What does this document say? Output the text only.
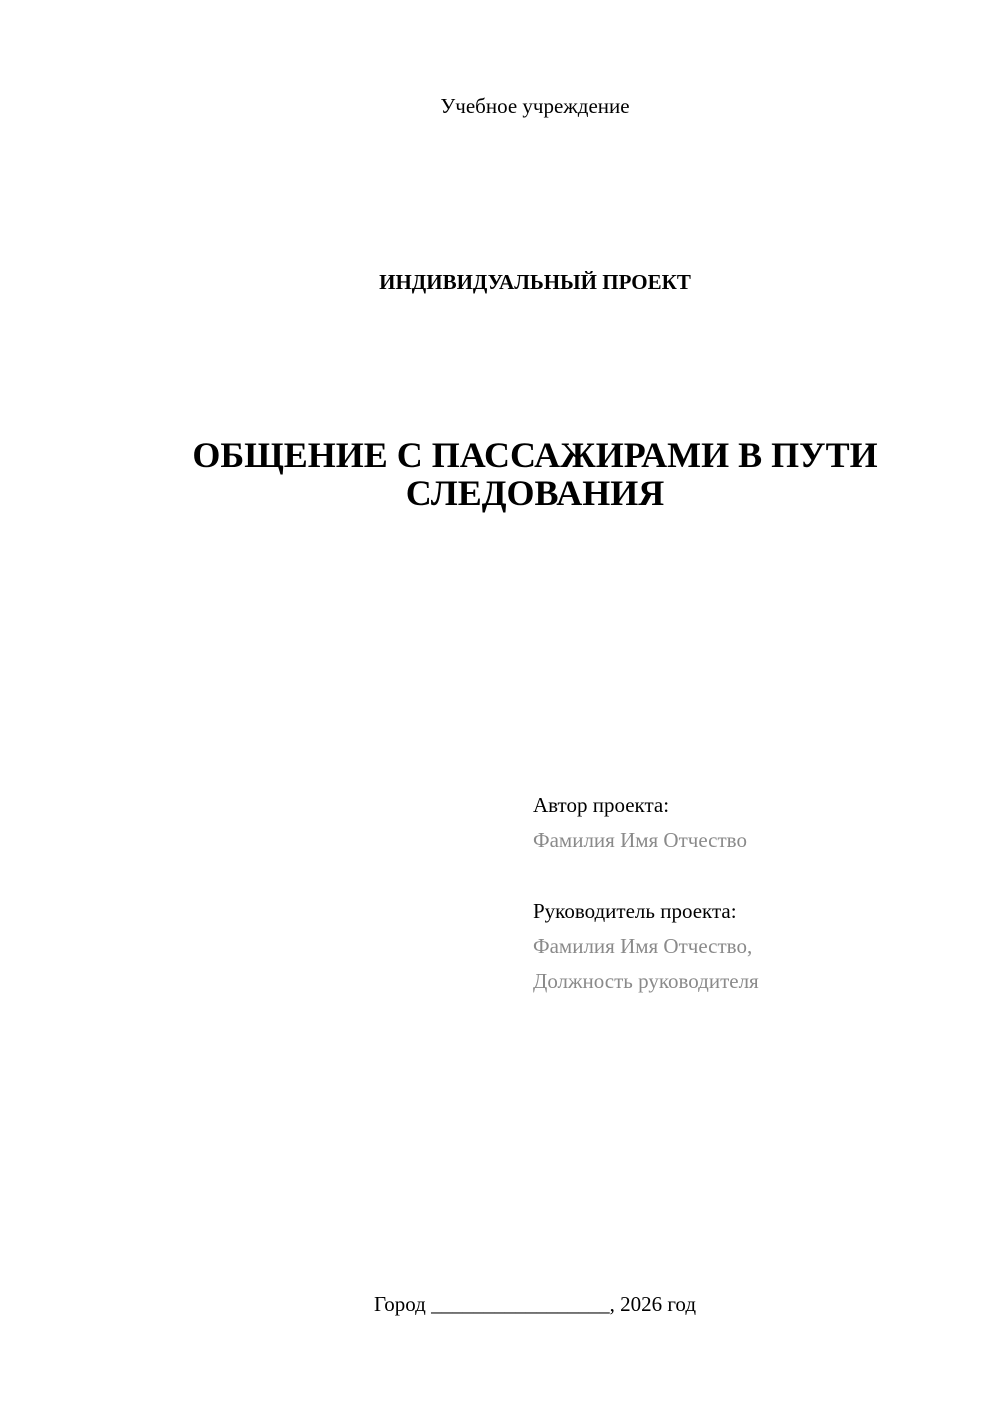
Учебное учреждение
ИНДИВИДУАЛЬНЫЙ ПРОЕКТ
ОБЩЕНИЕ С ПАССАЖИРАМИ В ПУТИ
СЛЕДОВАНИЯ
Автор проекта:
Фамилия Имя Отчество
Руководитель проекта:
Фамилия Имя Отчество,
Должность руководителя
Город _________________, 2026 год
